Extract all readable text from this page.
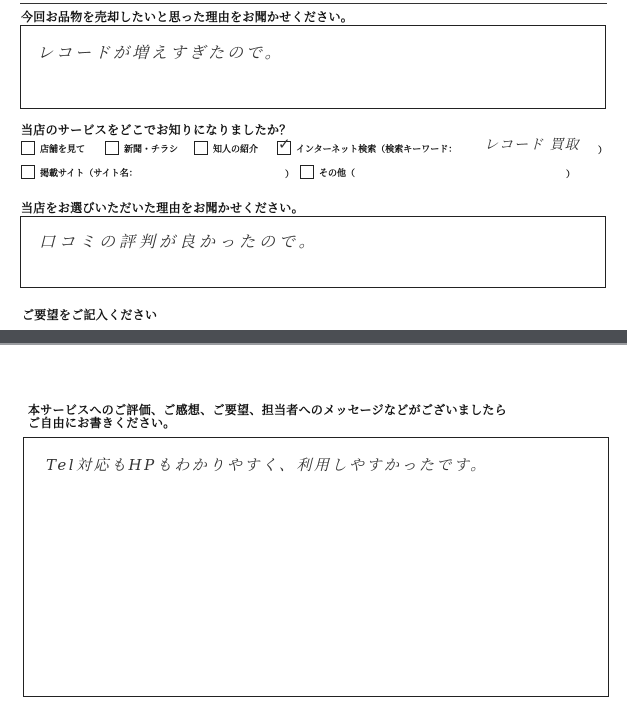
今回お品物を売却したいと思った理由をお聞かせください。
レコードが増えすぎたので。
当店のサービスをどこでお知りになりましたか？
店舗を見て	新聞・チラシ	知人の紹介 ✓ インターネット検索（検索キーワード： レコード 買取 ）
掲載サイト（サイト名：	）	その他（	）
当店をお選びいただいた理由をお聞かせください。
口コミの評判が良かったので。
ご要望をご記入ください
本サービスへのご評価、ご感想、ご要望、担当者へのメッセージなどがございましたら
ご自由にお書きください。
Tel対応もHPもわかりやすく、利用しやすかったです。
